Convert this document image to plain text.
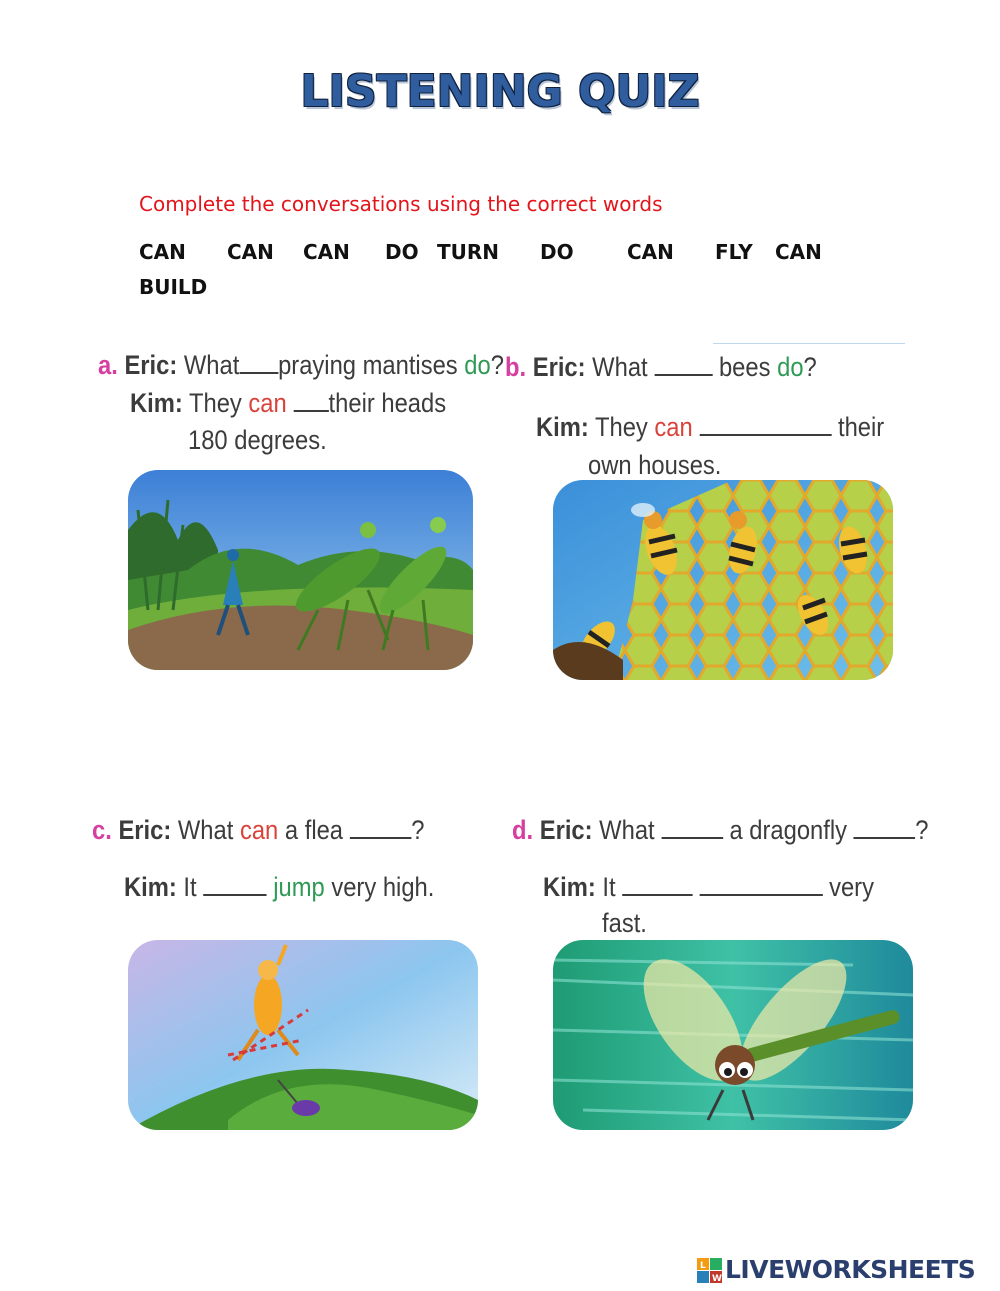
LISTENING QUIZ
Complete the conversations using the correct words
CAN CAN CAN DO TURN DO	CAN FLY CAN
BUILD
a. Eric: What praying mantises do?
Kim: They can their heads
180 degrees.
b. Eric: What	bees do?
Kim: They can	their
own houses.
c. Eric: What can a flea	?
Kim: It	jump very high.
d. Eric: What	a dragonfly	?
Kim: It	very
fast.
L
W LIVEWORKSHEETS
